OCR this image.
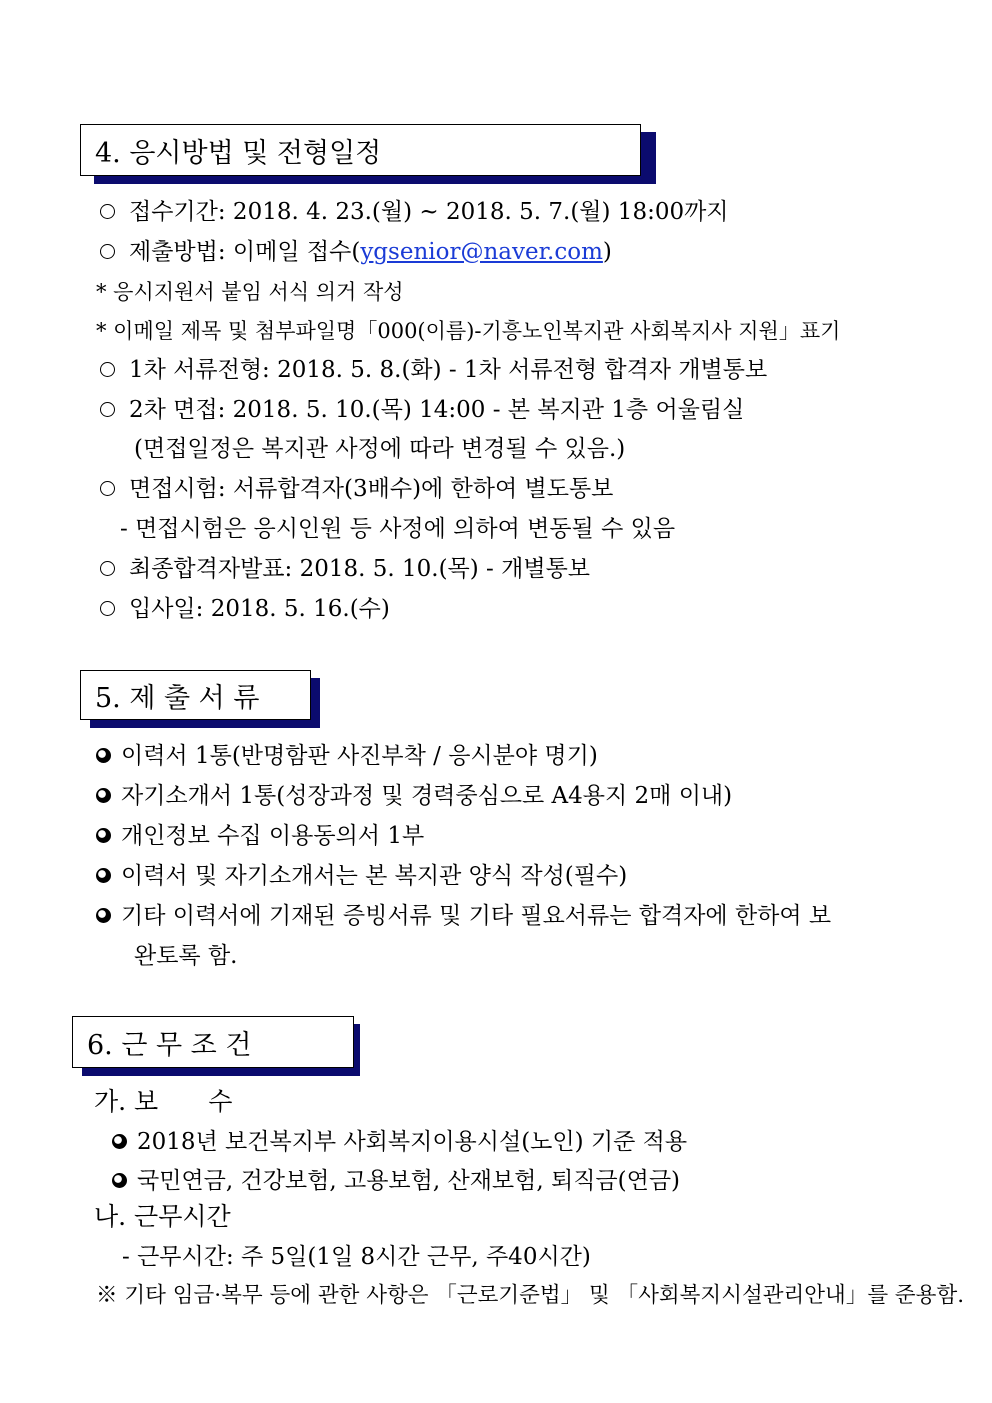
4. 응시방법 및 전형일정
접수기간: 2018. 4. 23.(월) ~ 2018. 5. 7.(월) 18:00까지
제출방법: 이메일 접수(ygsenior@naver.com)
* 응시지원서 붙임 서식 의거 작성
* 이메일 제목 및 첨부파일명「000(이름)-기흥노인복지관 사회복지사 지원」표기
1차 서류전형: 2018. 5. 8.(화) - 1차 서류전형 합격자 개별통보
2차 면접: 2018. 5. 10.(목) 14:00 - 본 복지관 1층 어울림실
(면접일정은 복지관 사정에 따라 변경될 수 있음.)
면접시험: 서류합격자(3배수)에 한하여 별도통보
- 면접시험은 응시인원 등 사정에 의하여 변동될 수 있음
최종합격자발표: 2018. 5. 10.(목) - 개별통보
입사일: 2018. 5. 16.(수)
5. 제 출 서 류
이력서 1통(반명함판 사진부착 / 응시분야 명기)
자기소개서 1통(성장과정 및 경력중심으로 A4용지 2매 이내)
개인정보 수집 이용동의서 1부
이력서 및 자기소개서는 본 복지관 양식 작성(필수)
기타 이력서에 기재된 증빙서류 및 기타 필요서류는 합격자에 한하여 보
완토록 함.
6. 근 무 조 건
가. 보　　수
2018년 보건복지부 사회복지이용시설(노인) 기준 적용
국민연금, 건강보험, 고용보험, 산재보험, 퇴직금(연금)
나. 근무시간
- 근무시간: 주 5일(1일 8시간 근무, 주40시간)
※ 기타 임금·복무 등에 관한 사항은 「근로기준법」 및 「사회복지시설관리안내」를 준용함.
